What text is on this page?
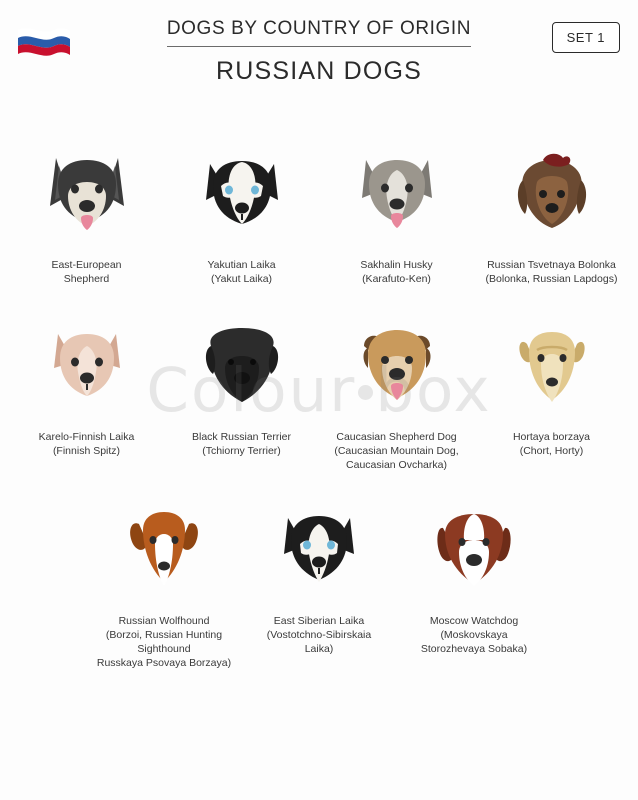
DOGS BY COUNTRY OF ORIGIN
RUSSIAN DOGS
SET 1
box
East-European
Shepherd
Yakutian Laika
(Yakut Laika)
Sakhalin Husky
(Karafuto-Ken)
Russian Tsvetnaya Bolonka
(Bolonka, Russian Lapdogs)
Karelo-Finnish Laika
(Finnish Spitz)
Black Russian Terrier
(Tchiorny Terrier)
Caucasian Shepherd Dog
(Caucasian Mountain Dog,
Caucasian Ovcharka)
Hortaya borzaya
(Chort, Horty)
Russian Wolfhound
(Borzoi, Russian Hunting
Sighthound
Russkaya Psovaya Borzaya)
East Siberian Laika
(Vostotchno-Sibirskaia
Laika)
Moscow Watchdog
(Moskovskaya
Storozhevaya Sobaka)
